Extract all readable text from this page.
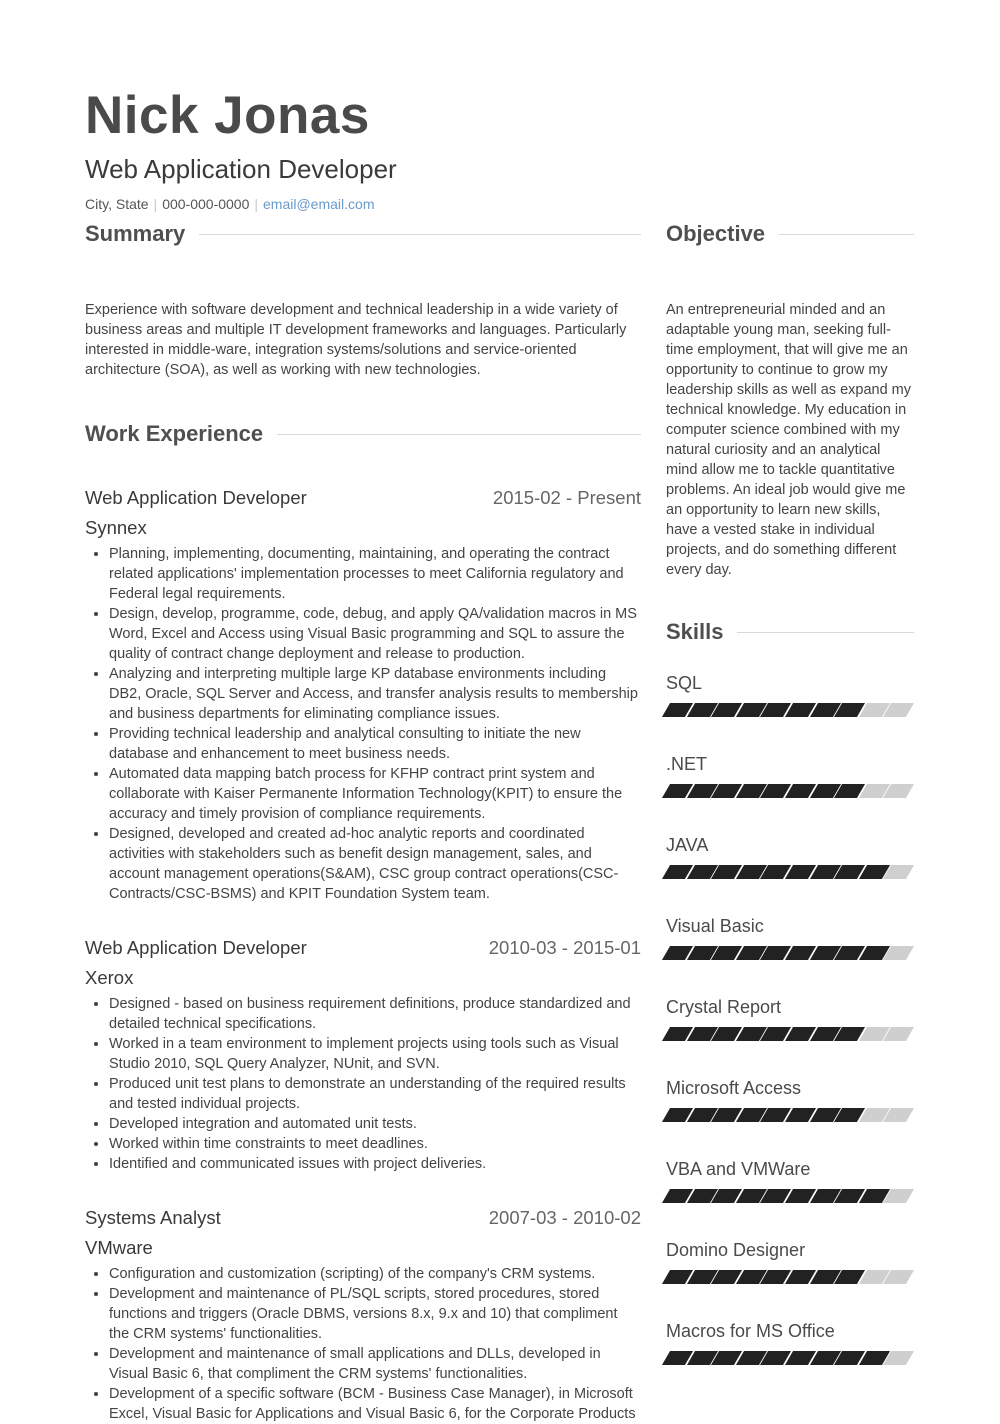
Nick Jonas
Web Application Developer
City, State | 000-000-0000 | email@email.com
Summary

Experience with software development and technical leadership in a wide variety of business areas and multiple IT development frameworks and languages. Particularly interested in middle-ware, integration systems/solutions and service-oriented architecture (SOA), as well as working with new technologies.

Work Experience
Web Application Developer	2015-02 - Present
Synnex
• Planning, implementing, documenting, maintaining, and operating the contract related applications' implementation processes to meet California regulatory and Federal legal requirements.
• Design, develop, programme, code, debug, and apply QA/validation macros in MS Word, Excel and Access using Visual Basic programming and SQL to assure the quality of contract change deployment and release to production.
• Analyzing and interpreting multiple large KP database environments including DB2, Oracle, SQL Server and Access, and transfer analysis results to membership and business departments for eliminating compliance issues.
• Providing technical leadership and analytical consulting to initiate the new database and enhancement to meet business needs.
• Automated data mapping batch process for KFHP contract print system and collaborate with Kaiser Permanente Information Technology(KPIT) to ensure the accuracy and timely provision of compliance requirements.
• Designed, developed and created ad-hoc analytic reports and coordinated activities with stakeholders such as benefit design management, sales, and account management operations(S&AM), CSC group contract operations(CSC-Contracts/CSC-BSMS) and KPIT Foundation System team.
Web Application Developer	2010-03 - 2015-01
Xerox
• Designed - based on business requirement definitions, produce standardized and detailed technical specifications.
• Worked in a team environment to implement projects using tools such as Visual Studio 2010, SQL Query Analyzer, NUnit, and SVN.
• Produced unit test plans to demonstrate an understanding of the required results and tested individual projects.
• Developed integration and automated unit tests.
• Worked within time constraints to meet deadlines.
• Identified and communicated issues with project deliveries.
Systems Analyst	2007-03 - 2010-02
VMware
• Configuration and customization (scripting) of the company's CRM systems.
• Development and maintenance of PL/SQL scripts, stored procedures, stored functions and triggers (Oracle DBMS, versions 8.x, 9.x and 10) that compliment the CRM systems' functionalities.
• Development and maintenance of small applications and DLLs, developed in Visual Basic 6, that compliment the CRM systems' functionalities.
• Development of a specific software (BCM - Business Case Manager), in Microsoft Excel, Visual Basic for Applications and Visual Basic 6, for the Corporate Products
Objective

An entrepreneurial minded and an adaptable young man, seeking full-time employment, that will give me an opportunity to continue to grow my leadership skills as well as expand my technical knowledge. My education in computer science combined with my natural curiosity and an analytical mind allow me to tackle quantitative problems. An ideal job would give me an opportunity to learn new skills, have a vested stake in individual projects, and do something different every day.

Skills
SQL
.NET
JAVA
Visual Basic
Crystal Report
Microsoft Access
VBA and VMWare
Domino Designer
Macros for MS Office
